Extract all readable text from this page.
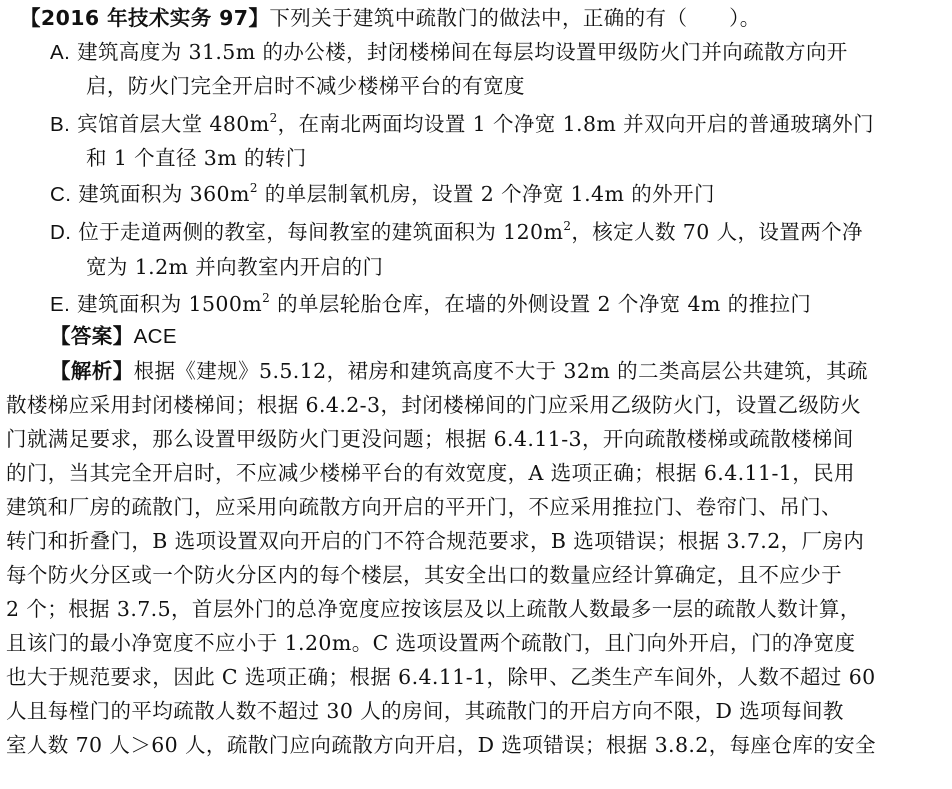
【2016 年技术实务 97】下列关于建筑中疏散门的做法中，正确的有（　　）。
A. 建筑高度为 31.5m 的办公楼，封闭楼梯间在每层均设置甲级防火门并向疏散方向开
启，防火门完全开启时不减少楼梯平台的有宽度
B. 宾馆首层大堂 $480m^2$，在南北两面均设置 1 个净宽 1.8m 并双向开启的普通玻璃外门
和 1 个直径 3m 的转门
C. 建筑面积为 $360m^2$ 的单层制氧机房，设置 2 个净宽 1.4m 的外开门
D. 位于走道两侧的教室，每间教室的建筑面积为 $120m^2$，核定人数 70 人，设置两个净
宽为 1.2m 并向教室内开启的门
E. 建筑面积为 $1500m^2$ 的单层轮胎仓库，在墙的外侧设置 2 个净宽 4m 的推拉门
【答案】ACE
【解析】根据《建规》5.5.12，裙房和建筑高度不大于 32m 的二类高层公共建筑，其疏
散楼梯应采用封闭楼梯间；根据 6.4.2-3，封闭楼梯间的门应采用乙级防火门，设置乙级防火
门就满足要求，那么设置甲级防火门更没问题；根据 6.4.11-3，开向疏散楼梯或疏散楼梯间
的门，当其完全开启时，不应减少楼梯平台的有效宽度，A 选项正确；根据 6.4.11-1，民用
建筑和厂房的疏散门，应采用向疏散方向开启的平开门，不应采用推拉门、卷帘门、吊门、
转门和折叠门，B 选项设置双向开启的门不符合规范要求，B 选项错误；根据 3.7.2，厂房内
每个防火分区或一个防火分区内的每个楼层，其安全出口的数量应经计算确定，且不应少于
2 个；根据 3.7.5，首层外门的总净宽度应按该层及以上疏散人数最多一层的疏散人数计算，
且该门的最小净宽度不应小于 1.20m。C 选项设置两个疏散门，且门向外开启，门的净宽度
也大于规范要求，因此 C 选项正确；根据 6.4.11-1，除甲、乙类生产车间外，人数不超过 60
人且每樘门的平均疏散人数不超过 30 人的房间，其疏散门的开启方向不限，D 选项每间教
室人数 70 人＞60 人，疏散门应向疏散方向开启，D 选项错误；根据 3.8.2，每座仓库的安全
